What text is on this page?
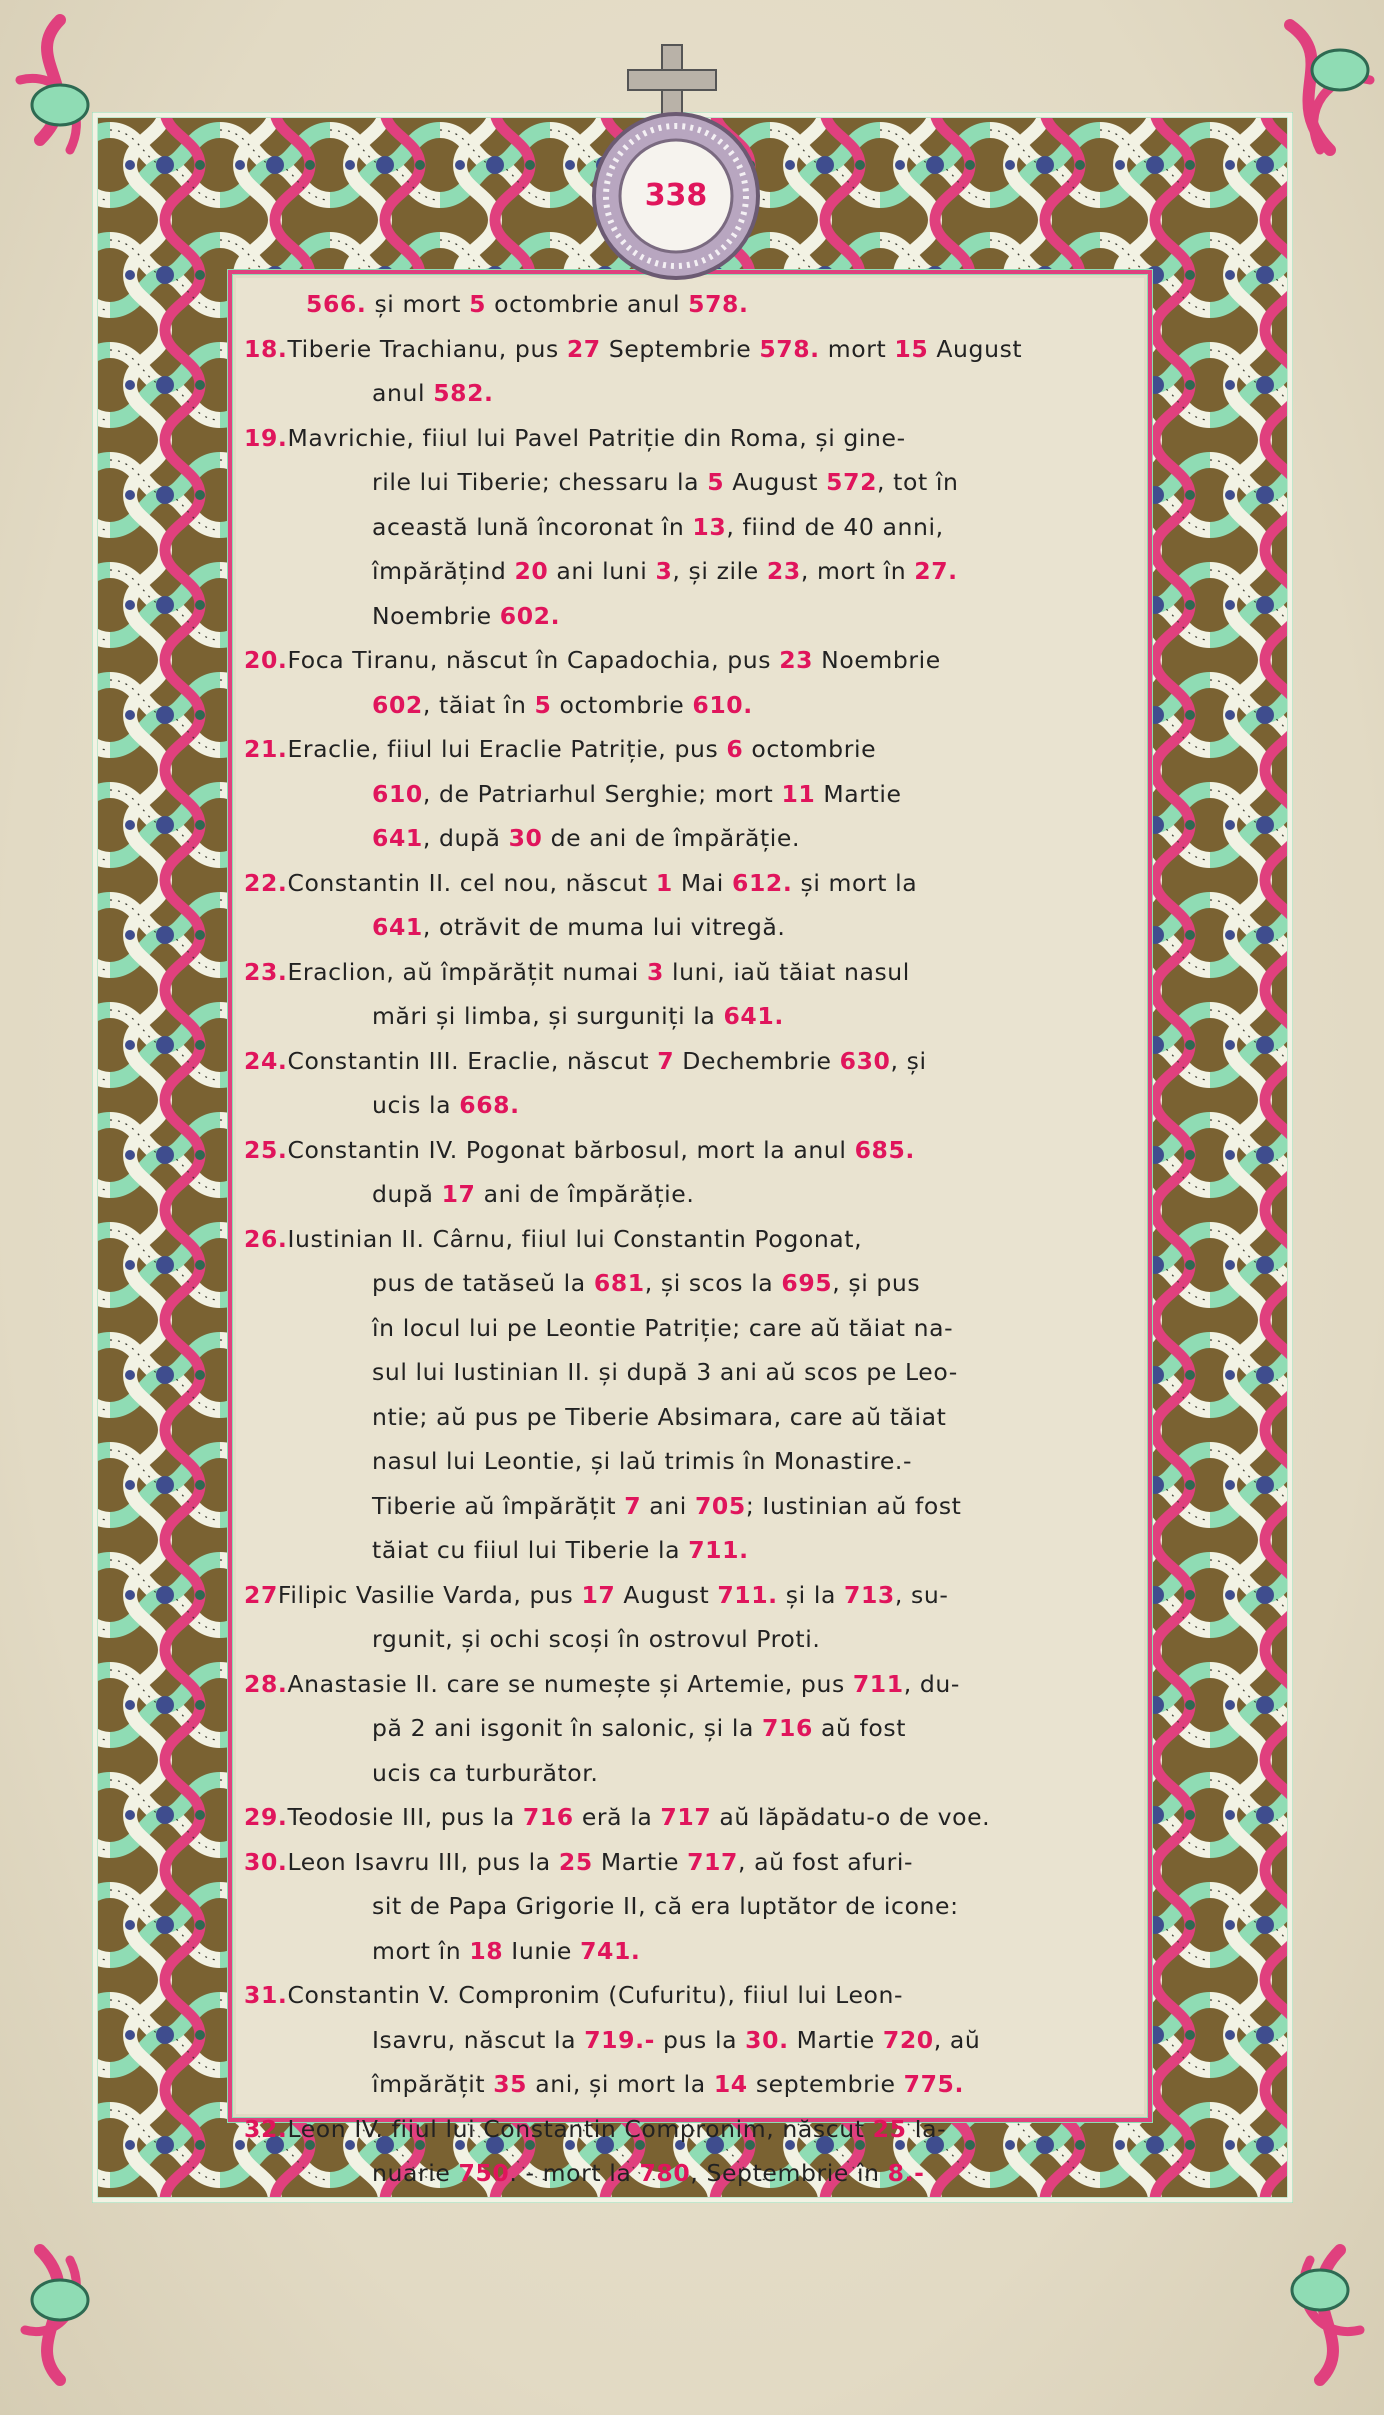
338
566. și mort 5 octombrie anul 578.
18.Tiberie Trachianu, pus 27 Septembrie 578. mort 15 August
anul 582.
19.Mavrichie, fiiul lui Pavel Patriție din Roma, și gine-
rile lui Tiberie; chessaru la 5 August 572, tot în
această lună încoronat în 13, fiind de 40 anni,
împărățind 20 ani luni 3, și zile 23, mort în 27.
Noembrie 602.
20.Foca Tiranu, născut în Capadochia, pus 23 Noembrie
602, tăiat în 5 octombrie 610.
21.Eraclie, fiiul lui Eraclie Patriție, pus 6 octombrie
610, de Patriarhul Serghie; mort 11 Martie
641, după 30 de ani de împărăție.
22.Constantin II. cel nou, născut 1 Mai 612. și mort la
641, otrăvit de muma lui vitregă.
23.Eraclion, aŭ împărățit numai 3 luni, iaŭ tăiat nasul
mări și limba, și surguniți la 641.
24.Constantin III. Eraclie, născut 7 Dechembrie 630, și
ucis la 668.
25.Constantin IV. Pogonat bărbosul, mort la anul 685.
după 17 ani de împărăție.
26.Iustinian II. Cârnu, fiiul lui Constantin Pogonat,
pus de tatăseŭ la 681, și scos la 695, și pus
în locul lui pe Leontie Patriție; care aŭ tăiat na-
sul lui Iustinian II. și după 3 ani aŭ scos pe Leo-
ntie; aŭ pus pe Tiberie Absimara, care aŭ tăiat
nasul lui Leontie, și laŭ trimis în Monastire.-
Tiberie aŭ împărățit 7 ani 705; Iustinian aŭ fost
tăiat cu fiiul lui Tiberie la 711.
27Filipic Vasilie Varda, pus 17 August 711. și la 713, su-
rgunit, și ochi scoși în ostrovul Proti.
28.Anastasie II. care se numește și Artemie, pus 711, du-
pă 2 ani isgonit în salonic, și la 716 aŭ fost
ucis ca turburător.
29.Teodosie III, pus la 716 eră la 717 aŭ lăpădatu-o de voe.
30.Leon Isavru III, pus la 25 Martie 717, aŭ fost afuri-
sit de Papa Grigorie II, că era luptător de icone:
mort în 18 Iunie 741.
31.Constantin V. Compronim (Cufuritu), fiiul lui Leon-
Isavru, născut la 719.- pus la 30. Martie 720, aŭ
împărățit 35 ani, și mort la 14 septembrie 775.
32.Leon IV. fiiul lui Constantin Compronim, născut 25 Ia-
nuarie 750. - mort la 780, Septembrie în 8.-
